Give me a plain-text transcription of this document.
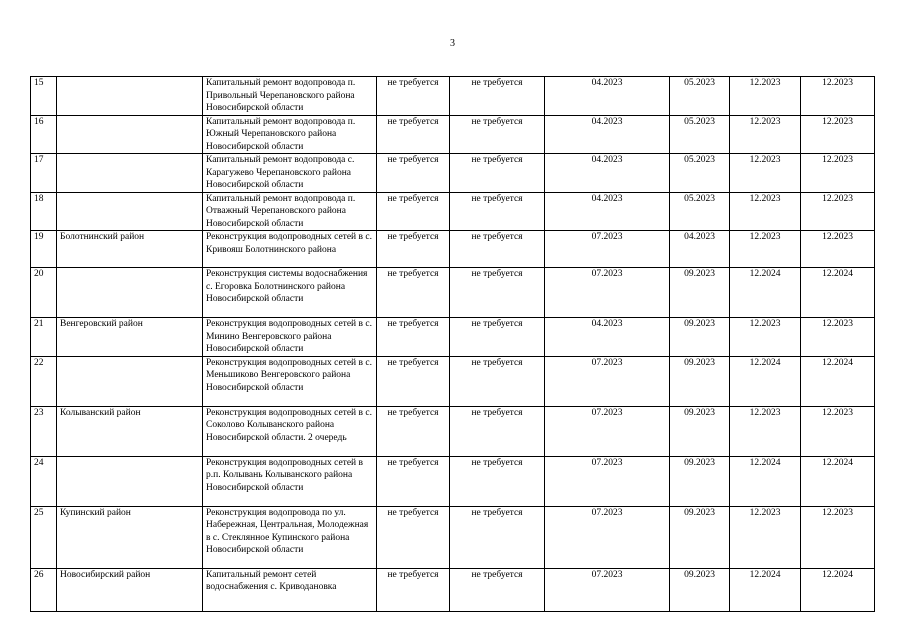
3
15		Капитальный ремонт водопровода п. Привольный Черепановского района Новосибирской области	не требуется	не требуется	04.2023	05.2023	12.2023	12.2023
16		Капитальный ремонт водопровода п. Южный Черепановского района Новосибирской области	не требуется	не требуется	04.2023	05.2023	12.2023	12.2023
17		Капитальный ремонт водопровода с. Карагужево Черепановского района Новосибирской области	не требуется	не требуется	04.2023	05.2023	12.2023	12.2023
18		Капитальный ремонт водопровода п. Отважный Черепановского района Новосибирской области	не требуется	не требуется	04.2023	05.2023	12.2023	12.2023
19	Болотнинский район	Реконструкция водопроводных сетей в с. Кривояш Болотнинского района	не требуется	не требуется	07.2023	04.2023	12.2023	12.2023
20		Реконструкция системы водоснабжения с. Егоровка Болотнинского района Новосибирской области	не требуется	не требуется	07.2023	09.2023	12.2024	12.2024
21	Венгеровский район	Реконструкция водопроводных сетей в с. Минино Венгеровского района Новосибирской области	не требуется	не требуется	04.2023	09.2023	12.2023	12.2023
22		Реконструкция водопроводных сетей в с. Меньшиково Венгеровского района Новосибирской области	не требуется	не требуется	07.2023	09.2023	12.2024	12.2024
23	Колыванский район	Реконструкция водопроводных сетей в с. Соколово Колыванского района Новосибирской области. 2 очередь	не требуется	не требуется	07.2023	09.2023	12.2023	12.2023
24		Реконструкция водопроводных сетей в р.п. Колывань Колыванского района Новосибирской области	не требуется	не требуется	07.2023	09.2023	12.2024	12.2024
25	Купинский район	Реконструкция водопровода по ул. Набережная, Центральная, Молодежная в с. Стеклянное Купинского района Новосибирской области	не требуется	не требуется	07.2023	09.2023	12.2023	12.2023
26	Новосибирский район	Капитальный ремонт сетей водоснабжения с. Криводановка	не требуется	не требуется	07.2023	09.2023	12.2024	12.2024
